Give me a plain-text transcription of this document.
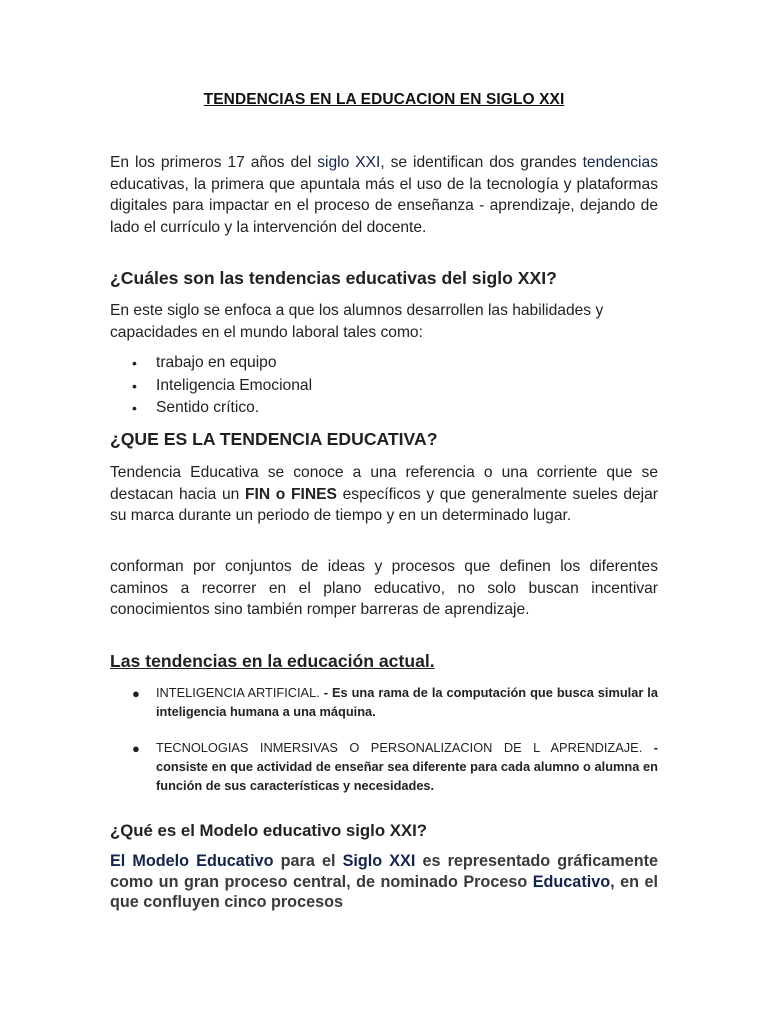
TENDENCIAS EN LA EDUCACION EN SIGLO XXI
En los primeros 17 años del siglo XXI, se identifican dos grandes tendencias educativas, la primera que apuntala más el uso de la tecnología y plataformas digitales para impactar en el proceso de enseñanza - aprendizaje, dejando de lado el currículo y la intervención del docente.
¿Cuáles son las tendencias educativas del siglo XXI?
En este siglo se enfoca a que los alumnos desarrollen las habilidades y capacidades en el mundo laboral tales como:
• trabajo en equipo
• Inteligencia Emocional
• Sentido crítico.
¿QUE ES LA TENDENCIA EDUCATIVA?
Tendencia Educativa se conoce a una referencia o una corriente que se destacan hacia un FIN o FINES específicos y que generalmente sueles dejar su marca durante un periodo de tiempo y en un determinado lugar.
conforman por conjuntos de ideas y procesos que definen los diferentes caminos a recorrer en el plano educativo, no solo buscan incentivar conocimientos sino también romper barreras de aprendizaje.
Las tendencias en la educación actual.
● INTELIGENCIA ARTIFICIAL. - Es una rama de la computación que busca simular la inteligencia humana a una máquina.
● TECNOLOGIAS INMERSIVAS O PERSONALIZACION DE L APRENDIZAJE. - consiste en que actividad de enseñar sea diferente para cada alumno o alumna en función de sus características y necesidades.
¿Qué es el Modelo educativo siglo XXI?
El Modelo Educativo para el Siglo XXI es representado gráficamente como un gran proceso central, de nominado Proceso Educativo, en el que confluyen cinco procesos
